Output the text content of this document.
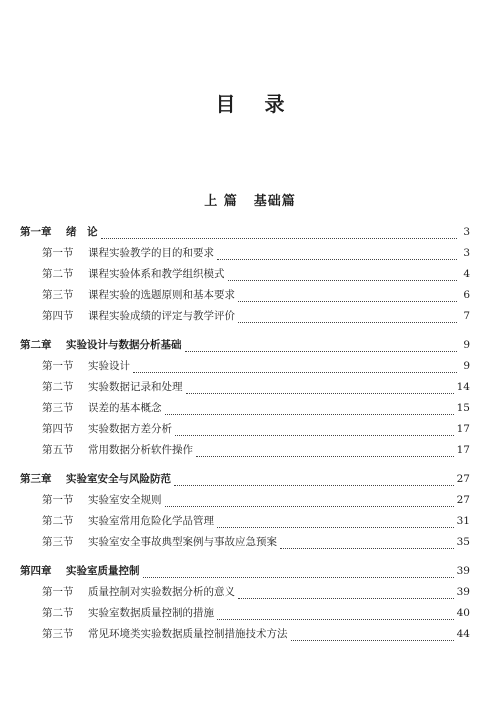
目 录
上 篇 基础篇
第一章	绪　论	3
第一节	课程实验教学的目的和要求	3
第二节	课程实验体系和教学组织模式	4
第三节	课程实验的选题原则和基本要求	6
第四节	课程实验成绩的评定与教学评价	7
第二章	实验设计与数据分析基础	9
第一节	实验设计	9
第二节	实验数据记录和处理	14
第三节	误差的基本概念	15
第四节	实验数据方差分析	17
第五节	常用数据分析软件操作	17
第三章	实验室安全与风险防范	27
第一节	实验室安全规则	27
第二节	实验室常用危险化学品管理	31
第三节	实验室安全事故典型案例与事故应急预案	35
第四章	实验室质量控制	39
第一节	质量控制对实验数据分析的意义	39
第二节	实验室数据质量控制的措施	40
第三节	常见环境类实验数据质量控制措施技术方法	44
